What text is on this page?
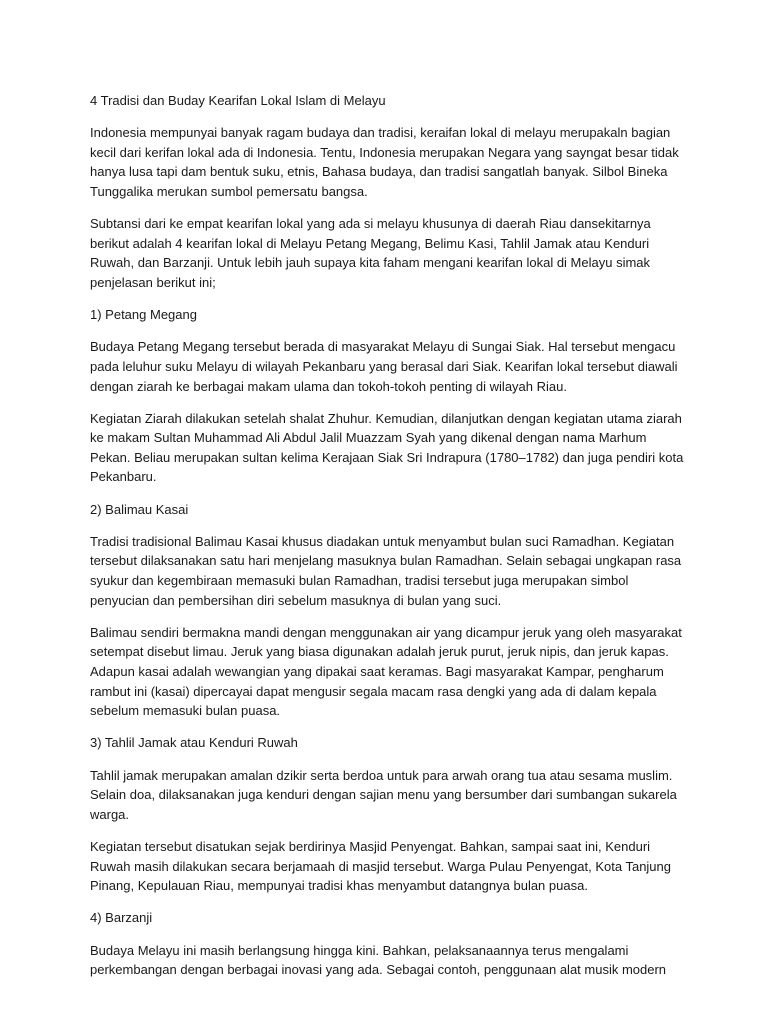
4 Tradisi dan Buday Kearifan Lokal Islam di Melayu

Indonesia mempunyai banyak ragam budaya dan tradisi, keraifan lokal di melayu merupakaln bagian kecil dari kerifan lokal ada di Indonesia. Tentu, Indonesia merupakan Negara yang sayngat besar tidak hanya lusa tapi dam bentuk suku, etnis, Bahasa budaya, dan tradisi sangatlah banyak. Silbol Bineka Tunggalika merukan sumbol pemersatu bangsa.

Subtansi dari ke empat kearifan lokal yang ada si melayu khusunya di daerah Riau dansekitarnya berikut adalah 4 kearifan lokal di Melayu Petang Megang, Belimu Kasi, Tahlil Jamak atau Kenduri Ruwah, dan Barzanji. Untuk lebih jauh supaya kita faham mengani kearifan lokal di Melayu simak penjelasan berikut ini;

1) Petang Megang

Budaya Petang Megang tersebut berada di masyarakat Melayu di Sungai Siak. Hal tersebut mengacu pada leluhur suku Melayu di wilayah Pekanbaru yang berasal dari Siak. Kearifan lokal tersebut diawali dengan ziarah ke berbagai makam ulama dan tokoh-tokoh penting di wilayah Riau.

Kegiatan Ziarah dilakukan setelah shalat Zhuhur. Kemudian, dilanjutkan dengan kegiatan utama ziarah ke makam Sultan Muhammad Ali Abdul Jalil Muazzam Syah yang dikenal dengan nama Marhum Pekan. Beliau merupakan sultan kelima Kerajaan Siak Sri Indrapura (1780–1782) dan juga pendiri kota Pekanbaru.

2) Balimau Kasai

Tradisi tradisional Balimau Kasai khusus diadakan untuk menyambut bulan suci Ramadhan. Kegiatan tersebut dilaksanakan satu hari menjelang masuknya bulan Ramadhan. Selain sebagai ungkapan rasa syukur dan kegembiraan memasuki bulan Ramadhan, tradisi tersebut juga merupakan simbol penyucian dan pembersihan diri sebelum masuknya di bulan yang suci.

Balimau sendiri bermakna mandi dengan menggunakan air yang dicampur jeruk yang oleh masyarakat setempat disebut limau. Jeruk yang biasa digunakan adalah jeruk purut, jeruk nipis, dan jeruk kapas. Adapun kasai adalah wewangian yang dipakai saat keramas. Bagi masyarakat Kampar, pengharum rambut ini (kasai) dipercayai dapat mengusir segala macam rasa dengki yang ada di dalam kepala sebelum memasuki bulan puasa.

3) Tahlil Jamak atau Kenduri Ruwah

Tahlil jamak merupakan amalan dzikir serta berdoa untuk para arwah orang tua atau sesama muslim. Selain doa, dilaksanakan juga kenduri dengan sajian menu yang bersumber dari sumbangan sukarela warga.

Kegiatan tersebut disatukan sejak berdirinya Masjid Penyengat. Bahkan, sampai saat ini, Kenduri Ruwah masih dilakukan secara berjamaah di masjid tersebut. Warga Pulau Penyengat, Kota Tanjung Pinang, Kepulauan Riau, mempunyai tradisi khas menyambut datangnya bulan puasa.

4) Barzanji

Budaya Melayu ini masih berlangsung hingga kini. Bahkan, pelaksanaannya terus mengalami perkembangan dengan berbagai inovasi yang ada. Sebagai contoh, penggunaan alat musik modern
